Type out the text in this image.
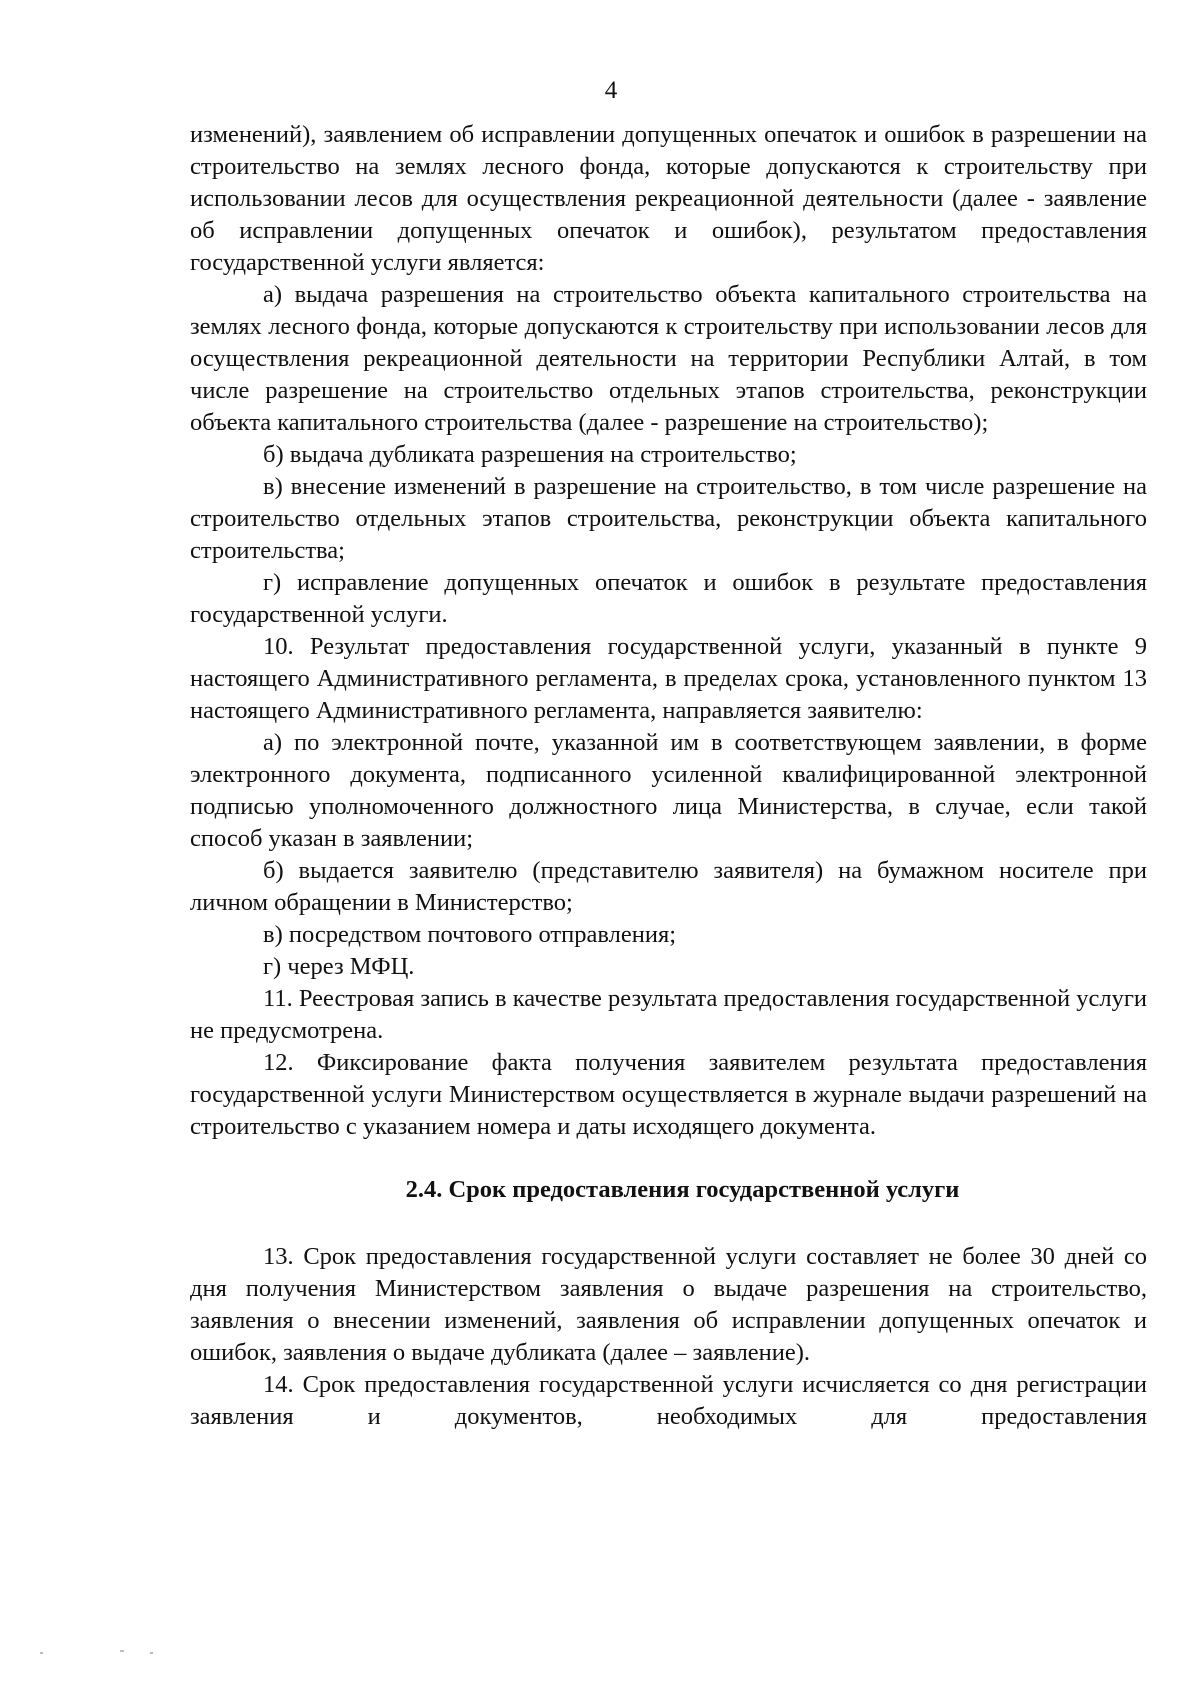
4

изменений), заявлением об исправлении допущенных опечаток и ошибок в разрешении на строительство на землях лесного фонда, которые допускаются к строительству при использовании лесов для осуществления рекреационной деятельности (далее - заявление об исправлении допущенных опечаток и ошибок), результатом предоставления государственной услуги является:

а) выдача разрешения на строительство объекта капитального строительства на землях лесного фонда, которые допускаются к строительству при использовании лесов для осуществления рекреационной деятельности на территории Республики Алтай, в том числе разрешение на строительство отдельных этапов строительства, реконструкции объекта капитального строительства (далее - разрешение на строительство);

б) выдача дубликата разрешения на строительство;

в) внесение изменений в разрешение на строительство, в том числе разрешение на строительство отдельных этапов строительства, реконструкции объекта капитального строительства;

г) исправление допущенных опечаток и ошибок в результате предоставления государственной услуги.

10. Результат предоставления государственной услуги, указанный в пункте 9 настоящего Административного регламента, в пределах срока, установленного пунктом 13 настоящего Административного регламента, направляется заявителю:

а) по электронной почте, указанной им в соответствующем заявлении, в форме электронного документа, подписанного усиленной квалифицированной электронной подписью уполномоченного должностного лица Министерства, в случае, если такой способ указан в заявлении;

б) выдается заявителю (представителю заявителя) на бумажном носителе при личном обращении в Министерство;

в) посредством почтового отправления;

г) через МФЦ.

11. Реестровая запись в качестве результата предоставления государственной услуги не предусмотрена.

12. Фиксирование факта получения заявителем результата предоставления государственной услуги Министерством осуществляется в журнале выдачи разрешений на строительство с указанием номера и даты исходящего документа.

2.4. Срок предоставления государственной услуги

13. Срок предоставления государственной услуги составляет не более 30 дней со дня получения Министерством заявления о выдаче разрешения на строительство, заявления о внесении изменений, заявления об исправлении допущенных опечаток и ошибок, заявления о выдаче дубликата (далее – заявление).

14. Срок предоставления государственной услуги исчисляется со дня регистрации заявления и документов, необходимых для предоставления
